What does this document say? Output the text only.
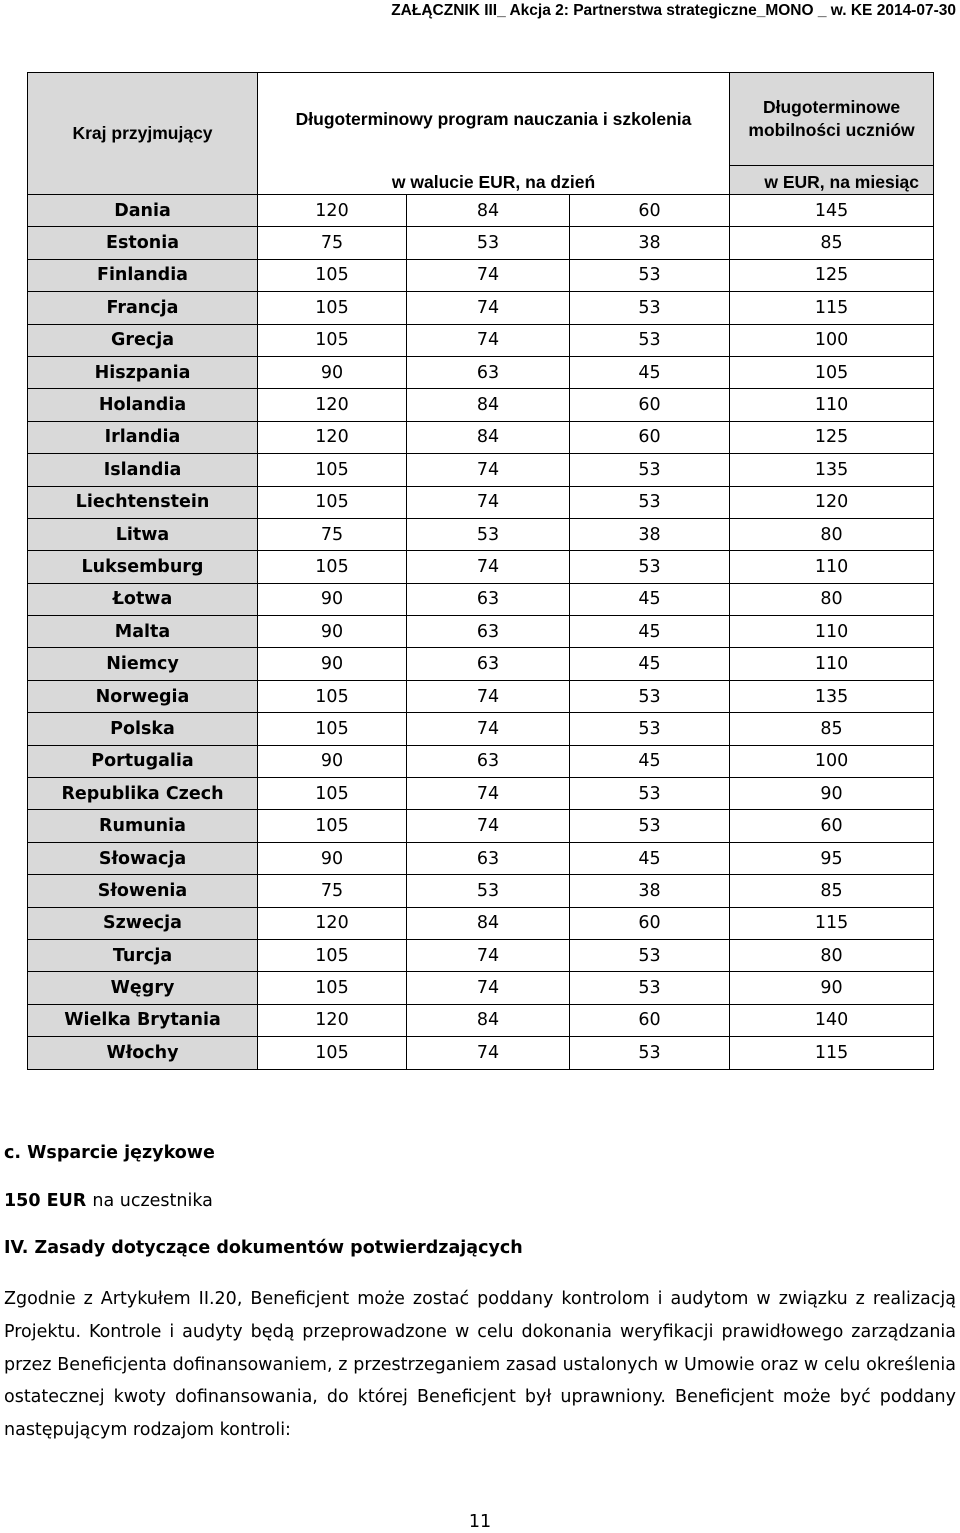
ZAŁĄCZNIK III_ Akcja 2: Partnerstwa strategiczne_MONO _ w. KE 2014-07-30
Kraj przyjmujący	Długoterminowy program nauczania i szkolenia			Długoterminowe mobilności uczniów
	w walucie EUR, na dzień			w EUR, na miesiąc
Dania	120	84	60	145
Estonia	75	53	38	85
Finlandia	105	74	53	125
Francja	105	74	53	115
Grecja	105	74	53	100
Hiszpania	90	63	45	105
Holandia	120	84	60	110
Irlandia	120	84	60	125
Islandia	105	74	53	135
Liechtenstein	105	74	53	120
Litwa	75	53	38	80
Luksemburg	105	74	53	110
Łotwa	90	63	45	80
Malta	90	63	45	110
Niemcy	90	63	45	110
Norwegia	105	74	53	135
Polska	105	74	53	85
Portugalia	90	63	45	100
Republika Czech	105	74	53	90
Rumunia	105	74	53	60
Słowacja	90	63	45	95
Słowenia	75	53	38	85
Szwecja	120	84	60	115
Turcja	105	74	53	80
Węgry	105	74	53	90
Wielka Brytania	120	84	60	140
Włochy	105	74	53	115
c. Wsparcie językowe
150 EUR na uczestnika
IV. Zasady dotyczące dokumentów potwierdzających

Zgodnie z Artykułem II.20, Beneficjent może zostać poddany kontrolom i audytom w związku z realizacją Projektu. Kontrole i audyty będą przeprowadzone w celu dokonania weryfikacji prawidłowego zarządzania przez Beneficjenta dofinansowaniem, z przestrzeganiem zasad ustalonych w Umowie oraz w celu określenia ostatecznej kwoty dofinansowania, do której Beneficjent był uprawniony. Beneficjent może być poddany następującym rodzajom kontroli:

11
